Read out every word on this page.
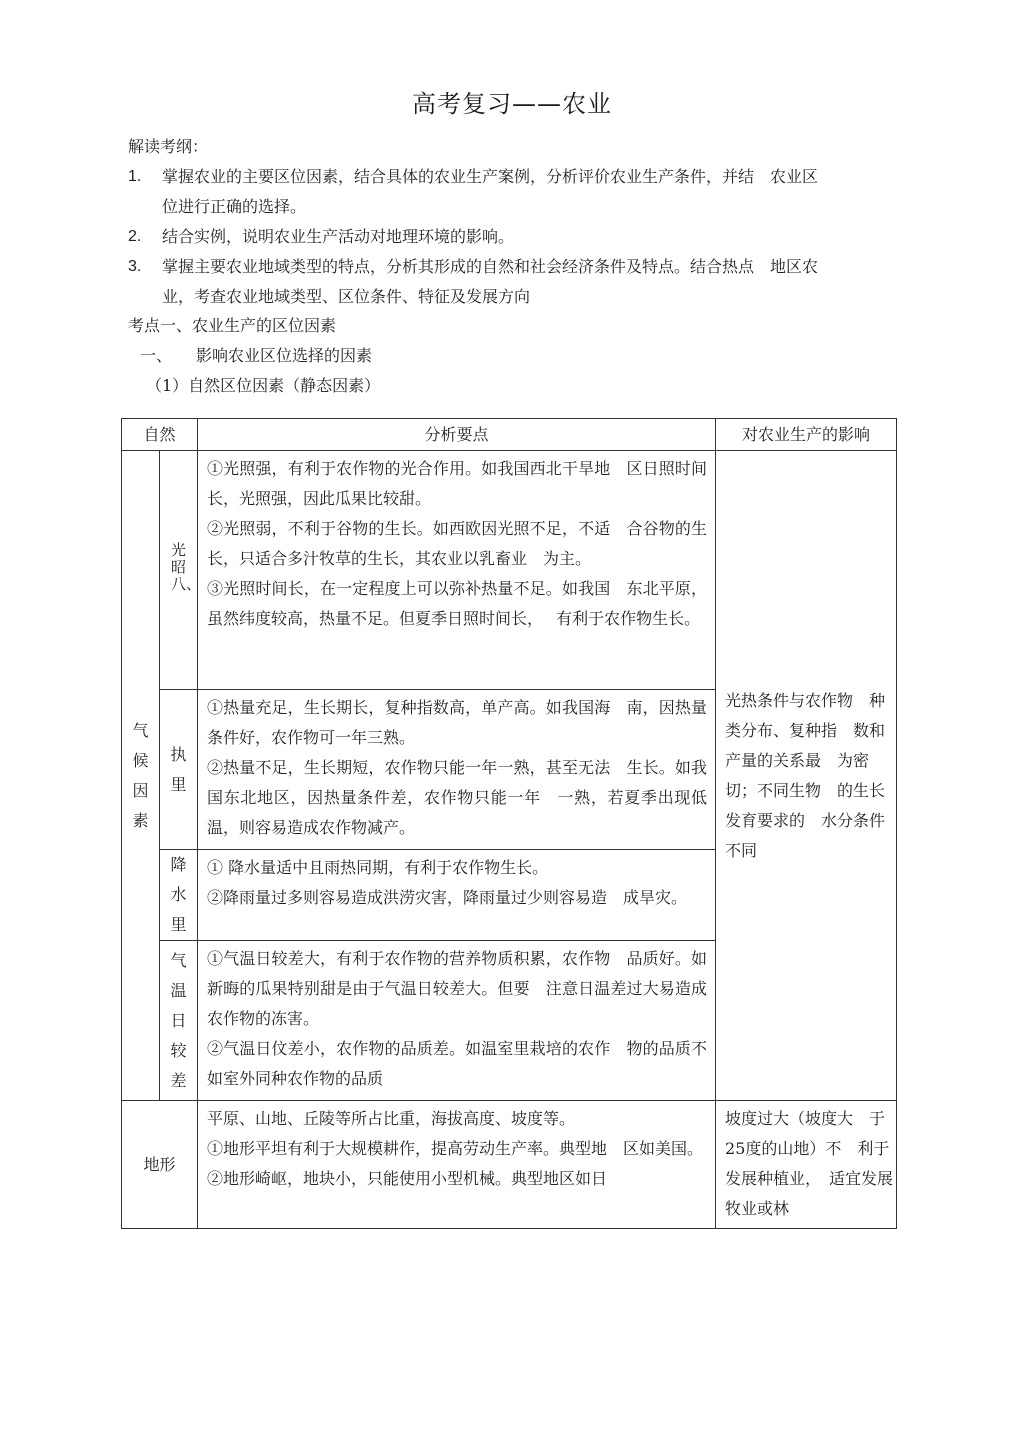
高考复习——农业
解读考纲：
1. 掌握农业的主要区位因素，结合具体的农业生产案例，分析评价农业生产条件，并结　农业区
位进行正确的选择。
2. 结合实例，说明农业生产活动对地理环境的影响。
3. 掌握主要农业地域类型的特点，分析其形成的自然和社会经济条件及特点。结合热点　地区农
业，考查农业地域类型、区位条件、特征及发展方向
考点一、农业生产的区位因素
一、　　影响农业区位选择的因素
（1）自然区位因素（静态因素）
自然		分析要点	对农业生产的影响
气候因素	光昭八、	①光照强，有利于农作物的光合作用。如我国西北干旱地　区日照时间长，光照强，因此瓜果比较甜。
②光照弱，不利于谷物的生长。如西欧因光照不足，不适　合谷物的生长，只适合多汁牧草的生长，其农业以乳畜业　为主。
③光照时间长，在一定程度上可以弥补热量不足。如我国　东北平原，虽然纬度较高，热量不足。但夏季日照时间长，　 有利于农作物生长。	光热条件与农作物　种类分布、复种指　数和产量的关系最　为密切；不同生物　的生长发育要求的　水分条件不同
	执里	①热量充足，生长期长，复种指数高，单产高。如我国海　南，因热量条件好，农作物可一年三熟。
②热量不足，生长期短，农作物只能一年一熟，甚至无法　生长。如我国东北地区，因热量条件差，农作物只能一年　一熟，若夏季出现低温，则容易造成农作物减产。	

	降水里	① 降水量适中且雨热同期，有利于农作物生长。
②降雨量过多则容易造成洪涝灾害，降雨量过少则容易造　成旱灾。	

	气温日较差	①气温日较差大，有利于农作物的营养物质积累，农作物　品质好。如新晦的瓜果特别甜是由于气温日较差大。但要　注意日温差过大易造成农作物的冻害。
②气温日伩差小，农作物的品质差。如温室里栽培的农作　物的品质不如室外同种农作物的品质	

地形		平原、山地、丘陵等所占比重，海拔高度、坡度等。
①地形平坦有利于大规模耕作，提高劳动生产率。典型地　区如美国。
②地形崎岖，地块小，只能使用小型机械。典型地区如日	坡度过大（坡度大　于25度的山地）不　利于发展种植业，　适宜发展牧业或林
